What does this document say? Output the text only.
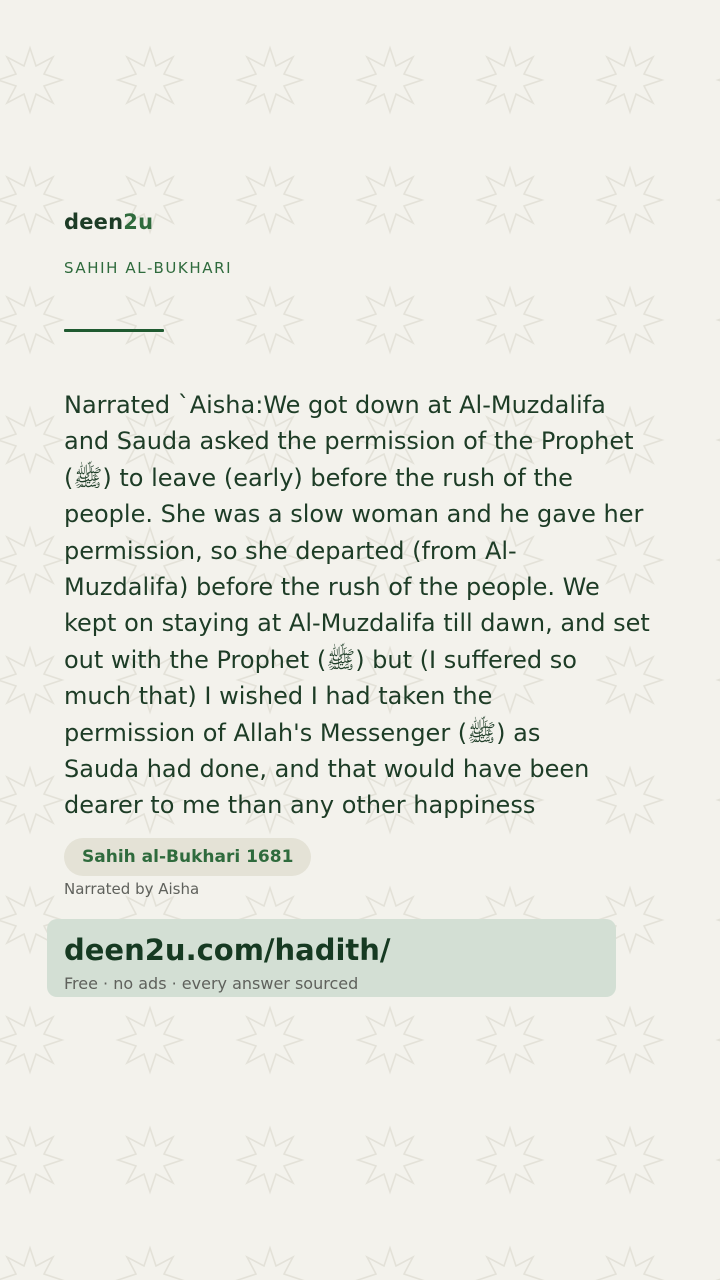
deen2u
SAHIH AL-BUKHARI
Narrated `Aisha:We got down at Al-Muzdalifa
and Sauda asked the permission of the Prophet
(ﷺ) to leave (early) before the rush of the
people. She was a slow woman and he gave her
permission, so she departed (from Al-
Muzdalifa) before the rush of the people. We
kept on staying at Al-Muzdalifa till dawn, and set
out with the Prophet (ﷺ) but (I suffered so
much that) I wished I had taken the
permission of Allah's Messenger (ﷺ) as
Sauda had done, and that would have been
dearer to me than any other happiness
Sahih al-Bukhari 1681
Narrated by Aisha
deen2u.com/hadith/
Free · no ads · every answer sourced
